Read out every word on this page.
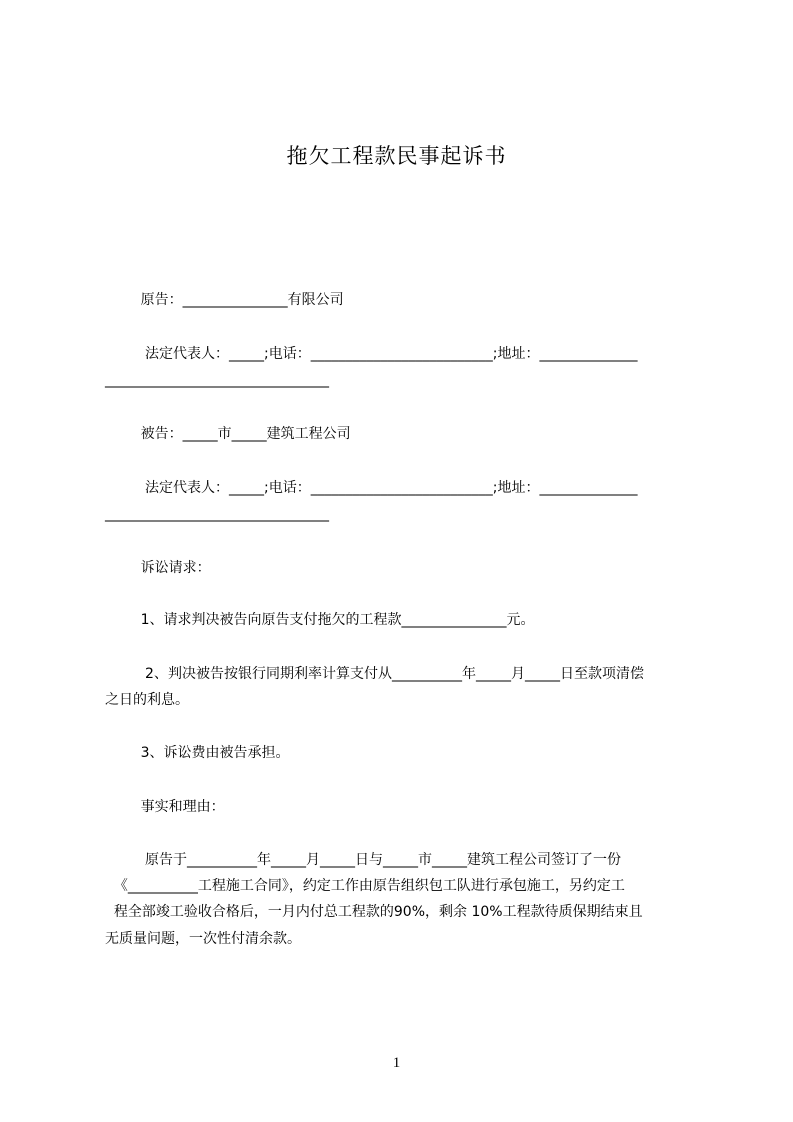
拖欠工程款民事起诉书
原告：_______________有限公司
法定代表人：_____;电话：__________________________;地址：______________
________________________________
被告：_____市_____建筑工程公司
法定代表人：_____;电话：__________________________;地址：______________
________________________________
诉讼请求：
1、请求判决被告向原告支付拖欠的工程款_______________元。
2、判决被告按银行同期利率计算支付从__________年_____月_____日至款项清偿
之日的利息。
3、诉讼费由被告承担。
事实和理由：
原告于__________年_____月_____日与_____市_____建筑工程公司签订了一份
《__________工程施工合同》，约定工作由原告组织包工队进行承包施工，另约定工
程全部竣工验收合格后，一月内付总工程款的90%，剩余 10%工程款待质保期结束且
无质量问题，一次性付清余款。
1
